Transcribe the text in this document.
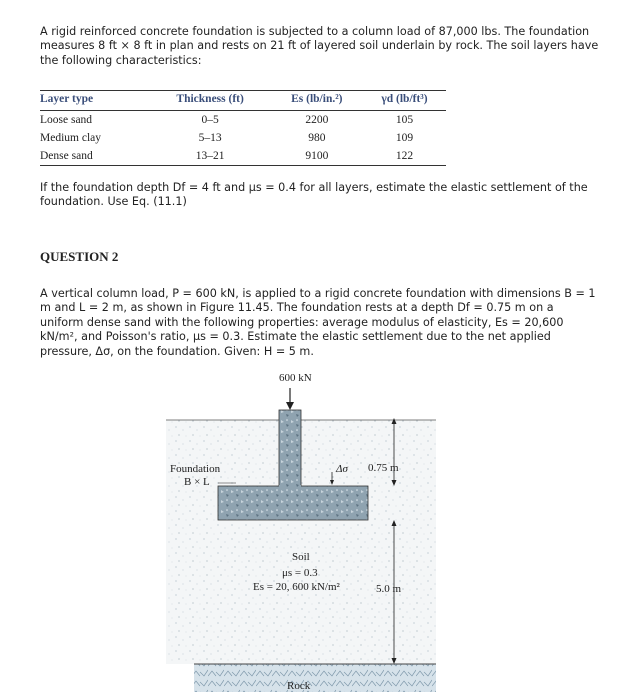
A rigid reinforced concrete foundation is subjected to a column load of 87,000 lbs. The foundation measures 8 ft × 8 ft in plan and rests on 21 ft of layered soil underlain by rock. The soil layers have the following characteristics:
Layer type	Thickness (ft)	Es (lb/in.²)	γd (lb/ft³)
Loose sand	0–5	2200	105
Medium clay	5–13	980	109
Dense sand	13–21	9100	122
If the foundation depth Df = 4 ft and μs = 0.4 for all layers, estimate the elastic settlement of the foundation. Use Eq. (11.1)
QUESTION 2
A vertical column load, P = 600 kN, is applied to a rigid concrete foundation with dimensions B = 1 m and L = 2 m, as shown in Figure 11.45. The foundation rests at a depth Df = 0.75 m on a uniform dense sand with the following properties: average modulus of elasticity, Es = 20,600 kN/m², and Poisson's ratio, μs = 0.3. Estimate the elastic settlement due to the net applied pressure, Δσ, on the foundation. Given: H = 5 m.
600 kN
Foundation
B × L
Δσ 0.75 m
Soil
μs = 0.3
Es = 20, 600 kN/m²	5.0 m
Rock
